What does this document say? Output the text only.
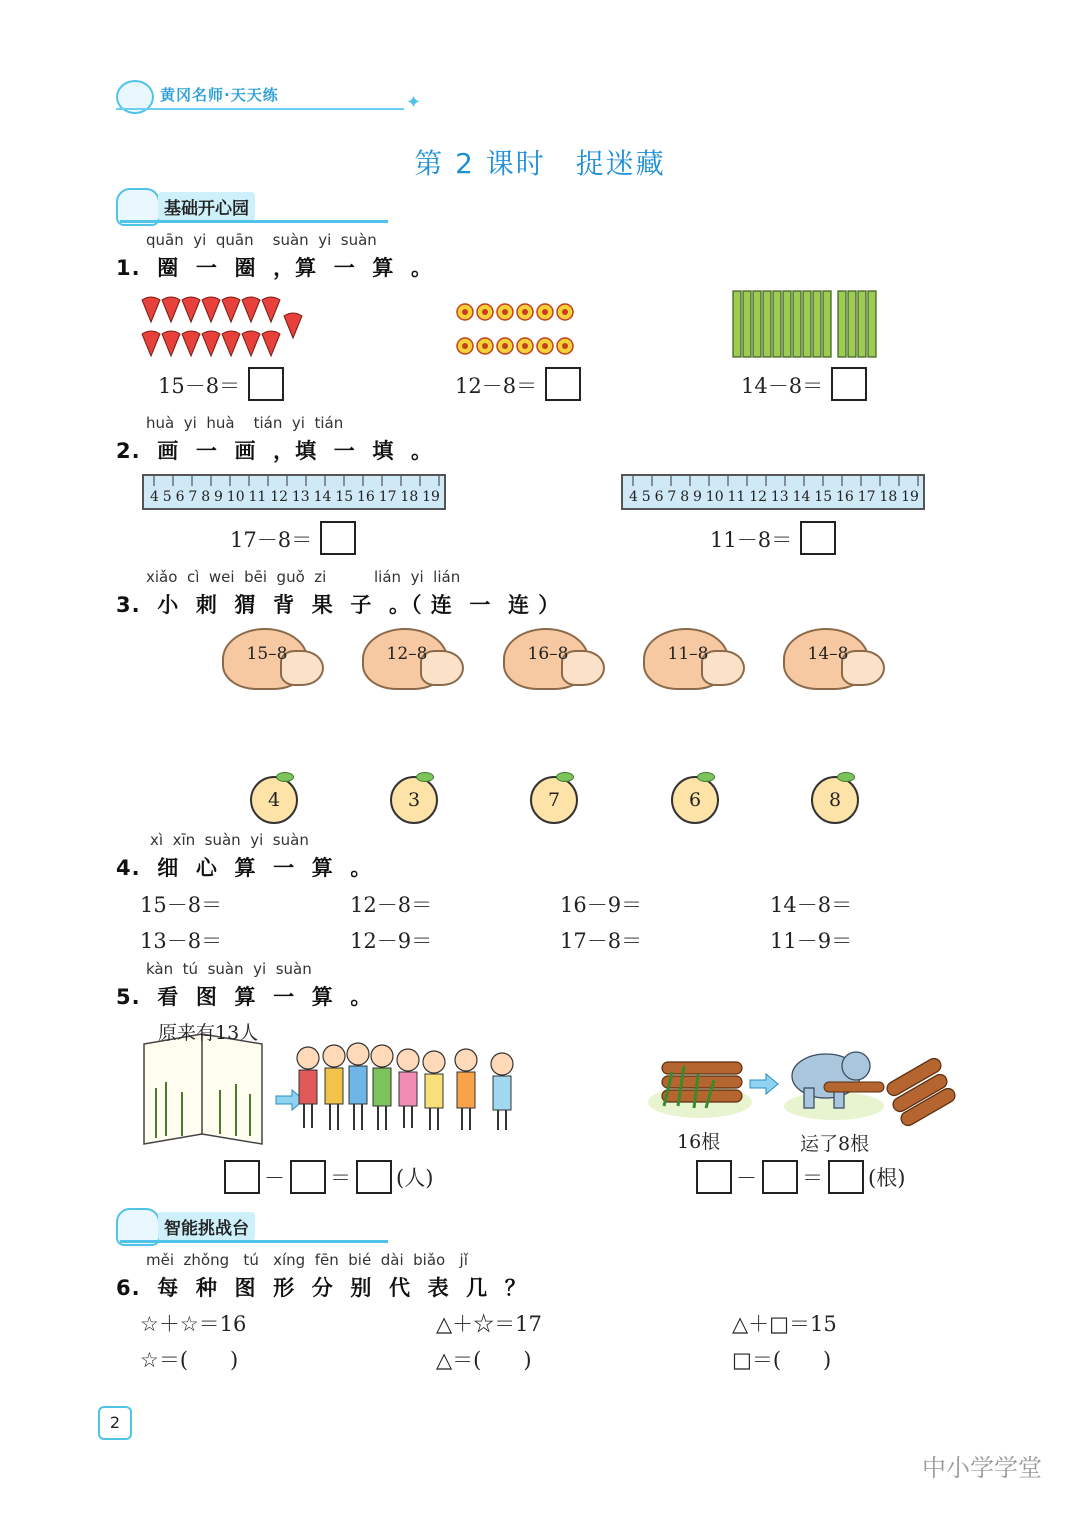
黄冈名师·天天练	✦
第 2 课时　捉迷藏
基础开心园
quān  yi  quān    suàn  yi  suàn
1.  圈  一  圈  ，算  一  算  。
15－8＝	12－8＝	14－8＝
huà  yi  huà    tián  yi  tián
2.  画  一  画  ，填  一  填  。
4 5 6 7 8 9 10 11 12 13 14 15 16 17 18 19	4 5 6 7 8 9 10 11 12 13 14 15 16 17 18 19
17－8＝	11－8＝
xiǎo  cì  wei  bēi  guǒ  zi          lián  yi  lián
3.  小  刺  猬  背  果  子  。（ 连  一  连 ）
15–8	12–8	16–8	11–8	14–8
4	3	7	6	8
xì  xīn  suàn  yi  suàn
4.  细  心  算  一  算  。
15－8＝	12－8＝	16－9＝	14－8＝
13－8＝	12－9＝	17－8＝	11－9＝
kàn  tú  suàn  yi  suàn
5.  看  图  算  一  算  。
原来有13人
16根	运了8根
－ ＝ (人)	－ ＝ (根)
智能挑战台
měi  zhǒng   tú   xíng  fēn  bié  dài  biǎo   jǐ
6.  每  种  图  形  分  别  代  表  几  ？
☆＋☆＝16	△＋☆＝17	△＋□＝15
☆＝(　　)	△＝(　　)	□＝(　　)
2
中小学学堂
